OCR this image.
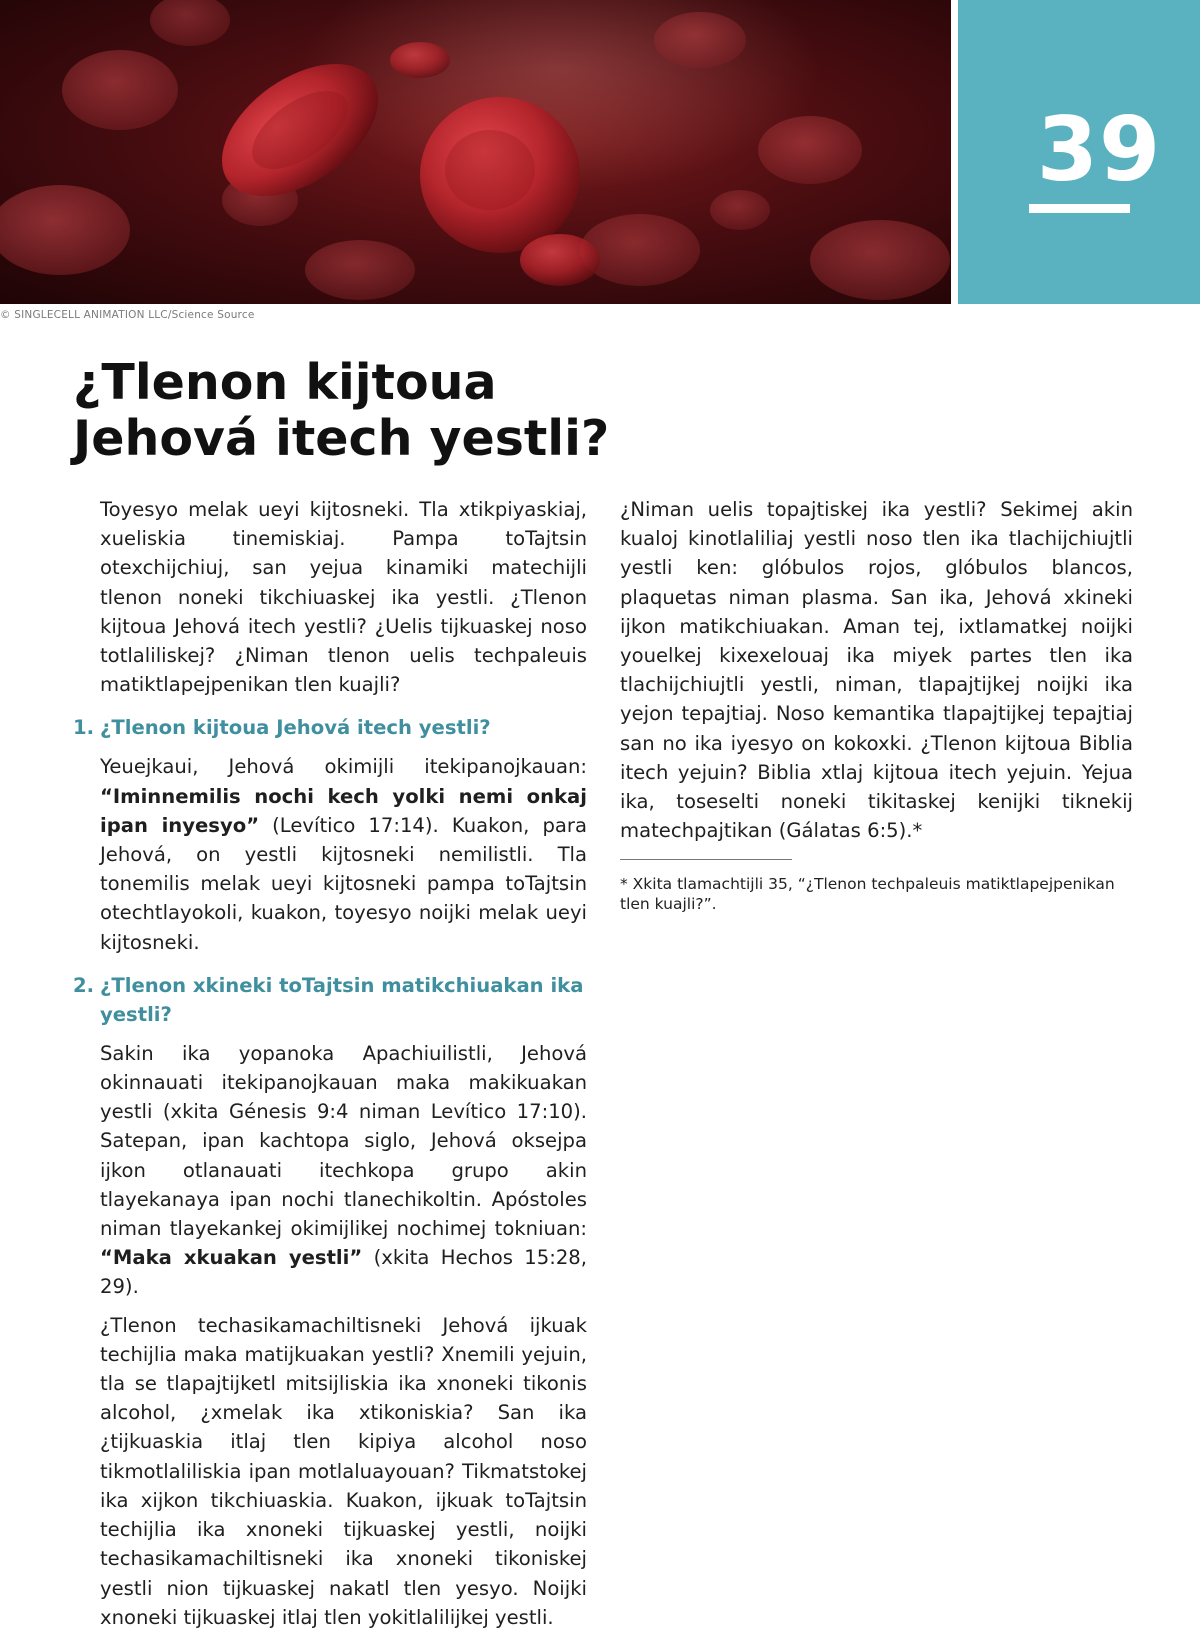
39
© SINGLECELL ANIMATION LLC/Science Source
¿Tlenon kijtoua
Jehová itech yestli?

Toyesyo melak ueyi kijtosneki. Tla xtikpiyaskiaj, xueliskia tinemiskiaj. Pampa toTajtsin otexchijchiuj, san yejua kinamiki matechijli tlenon noneki tikchiuaskej ika yestli. ¿Tlenon kijtoua Jehová itech yestli? ¿Uelis tijkuaskej noso totlaliliskej? ¿Niman tlenon uelis techpaleuis matiktlapejpenikan tlen kuajli?

1. ¿Tlenon kijtoua Jehová itech yestli?

Yeuejkaui, Jehová okimijli itekipanojkauan: “Iminnemilis nochi kech yolki nemi onkaj ipan inyesyo” (Levítico 17:14). Kuakon, para Jehová, on yestli kijtosneki nemilistli. Tla tonemilis melak ueyi kijtosneki pampa toTajtsin otechtlayokoli, kuakon, toyesyo noijki melak ueyi kijtosneki.

2. ¿Tlenon xkineki toTajtsin matikchiuakan ika yestli?

Sakin ika yopanoka Apachiuilistli, Jehová okinnauati itekipanojkauan maka makikuakan yestli (xkita Génesis 9:4 niman Levítico 17:10). Satepan, ipan kachtopa siglo, Jehová oksejpa ijkon otlanauati itechkopa grupo akin tlayekanaya ipan nochi tlanechikoltin. Apóstoles niman tlayekankej okimijlikej nochimej tokniuan: “Maka xkuakan yestli” (xkita Hechos 15:28, 29).

¿Tlenon techasikamachiltisneki Jehová ijkuak techijlia maka matijkuakan yestli? Xnemili yejuin, tla se tlapajtijketl mitsijliskia ika xnoneki tikonis alcohol, ¿xmelak ika xtikoniskia? San ika ¿tijkuaskia itlaj tlen kipiya alcohol noso tikmotlaliliskia ipan motlaluayouan? Tikmatstokej ika xijkon tikchiuaskia. Kuakon, ijkuak toTajtsin techijlia ika xnoneki tijkuaskej yestli, noijki techasikamachiltisneki ika xnoneki tikoniskej yestli nion tijkuaskej nakatl tlen yesyo. Noijki xnoneki tijkuaskej itlaj tlen yokitlalilijkej yestli.

¿Niman uelis topajtiskej ika yestli? Sekimej akin kualoj kinotlaliliaj yestli noso tlen ika tlachijchiujtli yestli ken: glóbulos rojos, glóbulos blancos, plaquetas niman plasma. San ika, Jehová xkineki ijkon matikchiuakan. Aman tej, ixtlamatkej noijki youelkej kixexelouaj ika miyek partes tlen ika tlachijchiujtli yestli, niman, tlapajtijkej noijki ika yejon tepajtiaj. Noso kemantika tlapajtijkej tepajtiaj san no ika iyesyo on kokoxki. ¿Tlenon kijtoua Biblia itech yejuin? Biblia xtlaj kijtoua itech yejuin. Yejua ika, toseselti noneki tikitaskej kenijki tiknekij matechpajtikan (Gálatas 6:5).*

* Xkita tlamachtijli 35, “¿Tlenon techpaleuis matiktlapejpenikan tlen kuajli?”.
